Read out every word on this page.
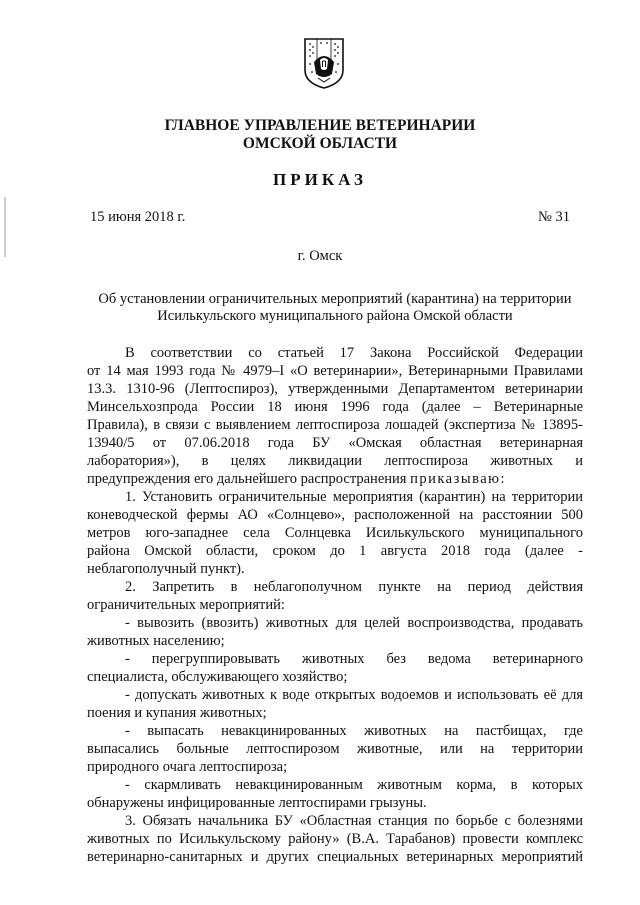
ГЛАВНОЕ УПРАВЛЕНИЕ ВЕТЕРИНАРИИ
ОМСКОЙ ОБЛАСТИ
ПРИКАЗ
15 июня 2018 г.	№ 31
г. Омск
Об установлении ограничительных мероприятий (карантина) на территории
Исилькульского муниципального района Омской области
В соответствии со статьей 17 Закона Российской Федерации
от 14 мая 1993 года № 4979–I «О ветеринарии», Ветеринарными Правилами
13.3. 1310-96 (Лептоспироз), утвержденными Департаментом ветеринарии
Минсельхозпрода России 18 июня 1996 года (далее – Ветеринарные
Правила), в связи с выявлением лептоспироза лошадей (экспертиза № 13895-
13940/5 от 07.06.2018 года БУ «Омская областная ветеринарная
лаборатория»), в целях ликвидации лептоспироза животных и
предупреждения его дальнейшего распространения приказываю:
1. Установить ограничительные мероприятия (карантин) на территории
коневодческой фермы АО «Солнцево», расположенной на расстоянии 500
метров юго-западнее села Солнцевка Исилькульского муниципального
района Омской области, сроком до 1 августа 2018 года (далее -
неблагополучный пункт).
2. Запретить в неблагополучном пункте на период действия
ограничительных мероприятий:
- вывозить (ввозить) животных для целей воспроизводства, продавать
животных населению;
- перегруппировывать животных без ведома ветеринарного
специалиста, обслуживающего хозяйство;
- допускать животных к воде открытых водоемов и использовать её для
поения и купания животных;
- выпасать невакцинированных животных на пастбищах, где
выпасались больные лептоспирозом животные, или на территории
природного очага лептоспироза;
- скармливать невакцинированным животным корма, в которых
обнаружены инфицированные лептоспирами грызуны.
3. Обязать начальника БУ «Областная станция по борьбе с болезнями
животных по Исилькульскому району» (В.А. Тарабанов) провести комплекс
ветеринарно-санитарных и других специальных ветеринарных мероприятий
